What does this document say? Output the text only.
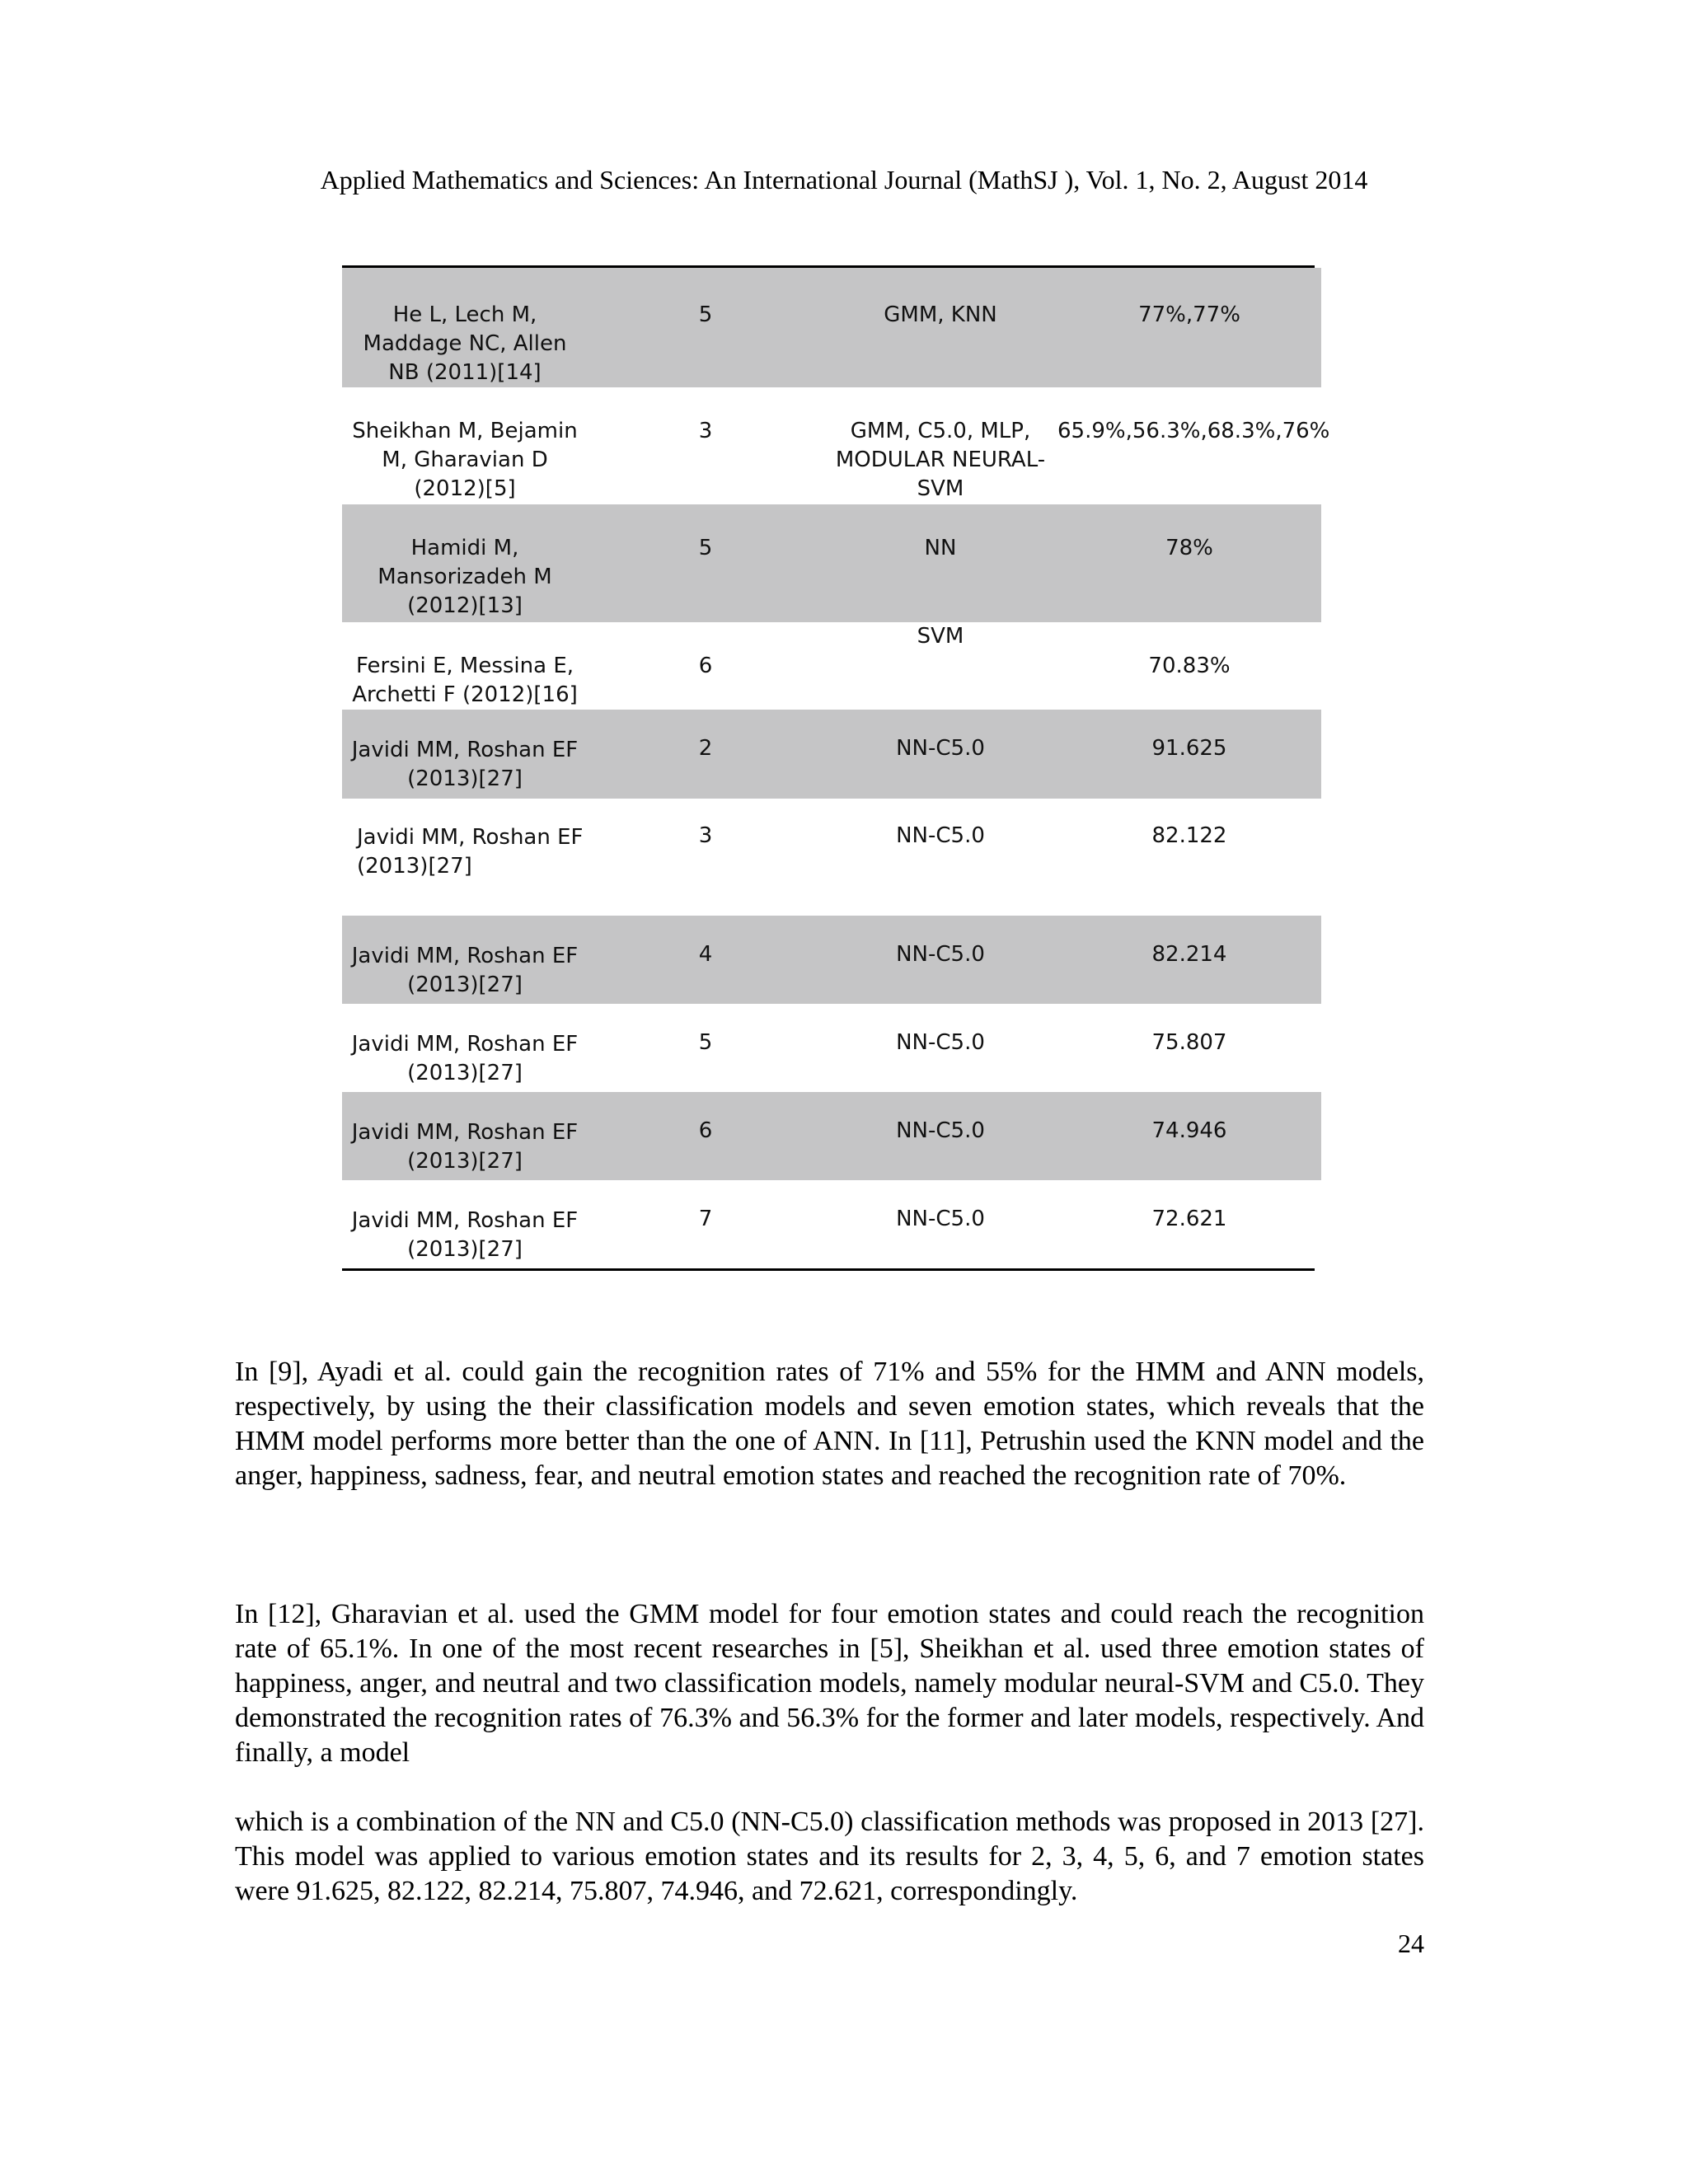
Applied Mathematics and Sciences: An International Journal (MathSJ ), Vol. 1, No. 2, August 2014
He L, Lech M, Maddage NC, Allen NB (2011)[14]	5	GMM, KNN	77%,77%
Sheikhan M, Bejamin M, Gharavian D (2012)[5]	3	GMM, C5.0, MLP, MODULAR NEURAL-SVM	65.9%,56.3%,68.3%,76%
Hamidi M, Mansorizadeh M (2012)[13]	5	NN	78%
Fersini E, Messina E, Archetti F (2012)[16]	6	SVM	70.83%
Javidi MM, Roshan EF (2013)[27]	2	NN-C5.0	91.625
Javidi MM, Roshan EF (2013)[27]	3	NN-C5.0	82.122
Javidi MM, Roshan EF (2013)[27]	4	NN-C5.0	82.214
Javidi MM, Roshan EF (2013)[27]	5	NN-C5.0	75.807
Javidi MM, Roshan EF (2013)[27]	6	NN-C5.0	74.946
Javidi MM, Roshan EF (2013)[27]	7	NN-C5.0	72.621

In [9], Ayadi et al. could gain the recognition rates of 71% and 55% for the HMM and ANN models, respectively, by using the their classification models and seven emotion states, which reveals that the HMM model performs more better than the one of ANN. In [11], Petrushin used the KNN model and the anger, happiness, sadness, fear, and neutral emotion states and reached the recognition rate of 70%.

In [12], Gharavian et al. used the GMM model for four emotion states and could reach the recognition rate of 65.1%. In one of the most recent researches in [5], Sheikhan et al. used three emotion states of happiness, anger, and neutral and two classification models, namely modular neural-SVM and C5.0. They demonstrated the recognition rates of 76.3% and 56.3% for the former and later models, respectively. And finally, a model

which is a combination of the NN and C5.0 (NN-C5.0) classification methods was proposed in 2013 [27]. This model was applied to various emotion states and its results for 2, 3, 4, 5, 6, and 7 emotion states were 91.625, 82.122, 82.214, 75.807, 74.946, and 72.621, correspondingly.

24
